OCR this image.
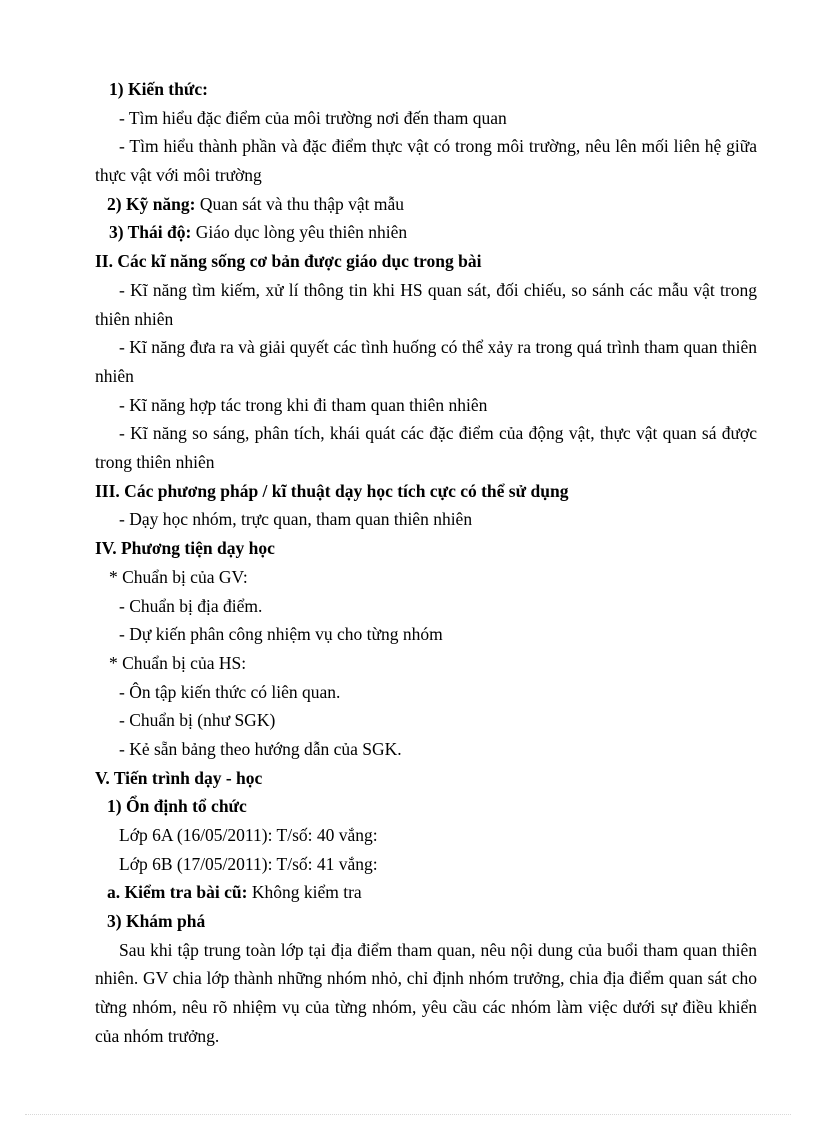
1) Kiến thức:
- Tìm hiểu đặc điểm của môi trường nơi đến tham quan
- Tìm hiểu thành phần và đặc điểm thực vật có trong môi trường, nêu lên mối liên hệ giữa thực vật với môi trường
2) Kỹ năng: Quan sát và thu thập vật mẫu
3) Thái độ: Giáo dục lòng yêu thiên nhiên
II. Các kĩ năng sống cơ bản được giáo dục trong bài
- Kĩ năng tìm kiếm, xử lí thông tin khi HS quan sát, đối chiếu, so sánh các mẫu vật trong thiên nhiên
- Kĩ năng đưa ra và giải quyết các tình huống có thể xảy ra trong quá trình tham quan thiên nhiên
- Kĩ năng hợp tác trong khi đi tham quan thiên nhiên
- Kĩ năng so sáng, phân tích, khái quát các đặc điểm của động vật, thực vật quan sá được trong thiên nhiên
III. Các phương pháp / kĩ thuật dạy học tích cực có thể sử dụng
- Dạy học nhóm, trực quan, tham quan thiên nhiên
IV. Phương tiện dạy học
* Chuẩn bị của GV:
- Chuẩn bị địa điểm.
- Dự kiến phân công nhiệm vụ cho từng nhóm
* Chuẩn bị của HS:
- Ôn tập kiến thức có liên quan.
- Chuẩn bị (như SGK)
- Kẻ sẵn bảng theo hướng dẫn của SGK.
V. Tiến trình dạy - học
1) Ổn định tổ chức
Lớp 6A (16/05/2011): T/số: 40 vắng:
Lớp 6B (17/05/2011): T/số: 41 vắng:
a. Kiểm tra bài cũ: Không kiểm tra
3) Khám phá
Sau khi tập trung toàn lớp tại địa điểm tham quan, nêu nội dung của buổi tham quan thiên nhiên. GV chia lớp thành những nhóm nhỏ, chỉ định nhóm trưởng, chia địa điểm quan sát cho từng nhóm, nêu rõ nhiệm vụ của từng nhóm, yêu cầu các nhóm làm việc dưới sự điều khiển của nhóm trưởng.
